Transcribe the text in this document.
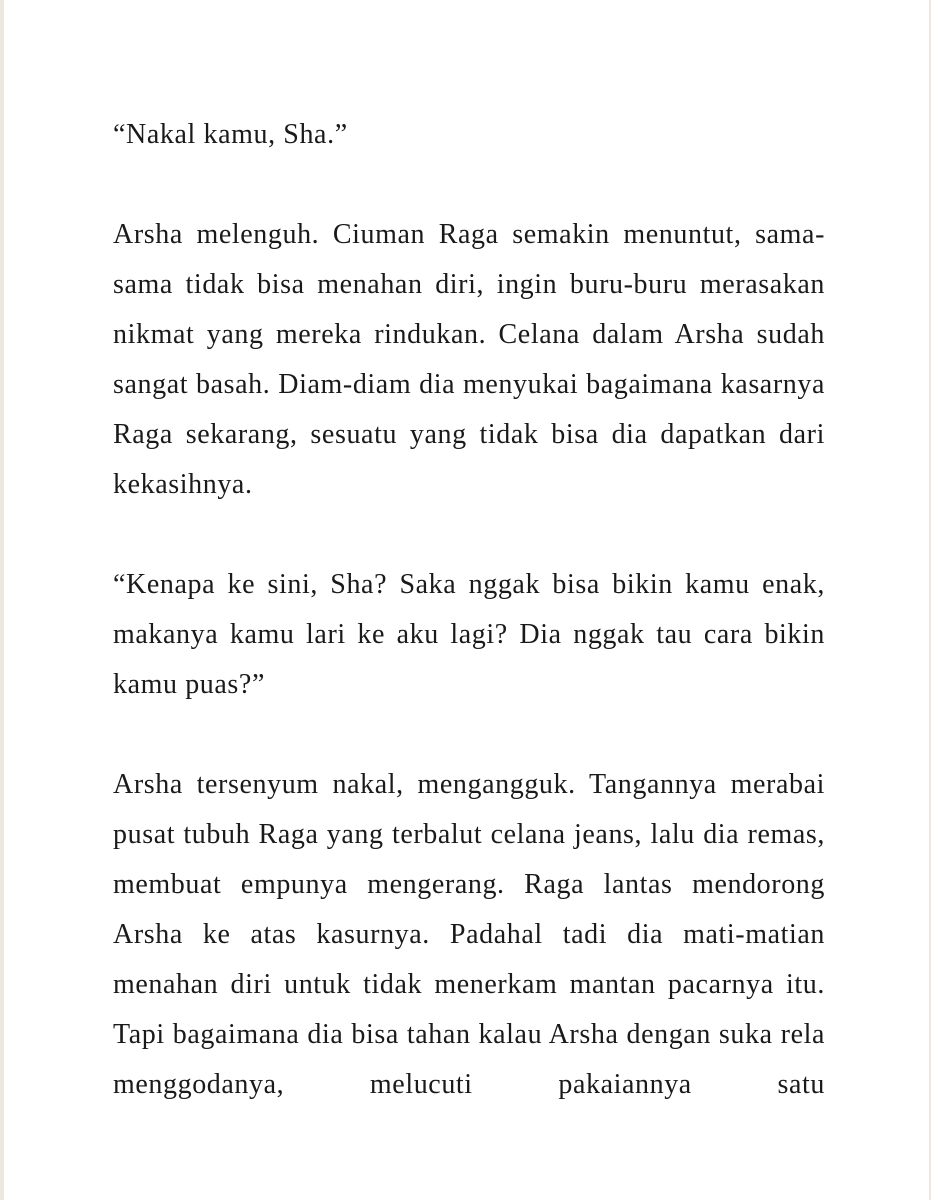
“Nakal kamu, Sha.”

Arsha melenguh. Ciuman Raga semakin menuntut, sama-sama tidak bisa menahan diri, ingin buru-buru merasakan nikmat yang mereka rindukan. Celana dalam Arsha sudah sangat basah. Diam-diam dia menyukai bagaimana kasarnya Raga sekarang, sesuatu yang tidak bisa dia dapatkan dari kekasihnya.

“Kenapa ke sini, Sha? Saka nggak bisa bikin kamu enak, makanya kamu lari ke aku lagi? Dia nggak tau cara bikin kamu puas?”

Arsha tersenyum nakal, mengangguk. Tangannya merabai pusat tubuh Raga yang terbalut celana jeans, lalu dia remas, membuat empunya mengerang. Raga lantas mendorong Arsha ke atas kasurnya. Padahal tadi dia mati-matian menahan diri untuk tidak menerkam mantan pacarnya itu. Tapi bagaimana dia bisa tahan kalau Arsha dengan suka rela menggodanya, melucuti pakaiannya satu
